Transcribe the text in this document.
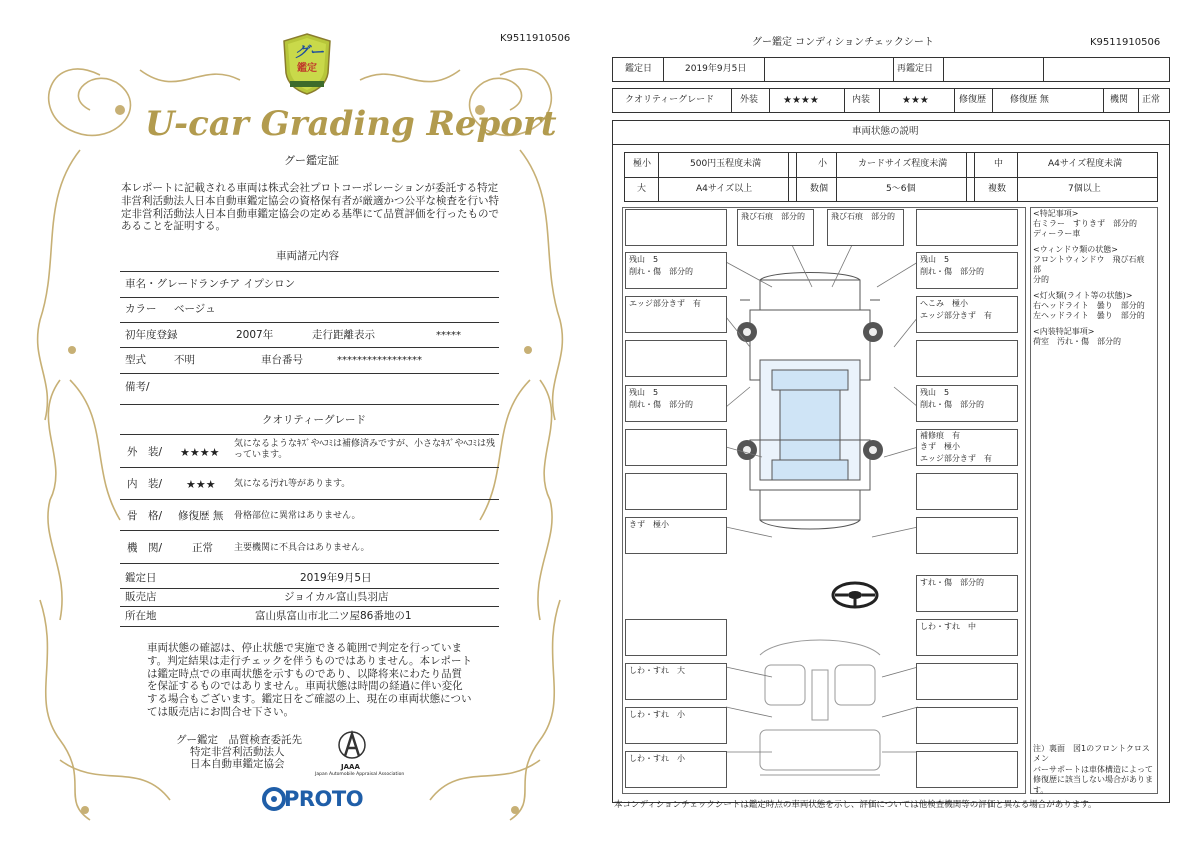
K9511910506
グー
鑑定
U-car Grading Report
グー鑑定証
本レポートに記載される車両は株式会社プロトコーポレーションが委託する特定非営利活動法人日本自動車鑑定協会の資格保有者が厳適かつ公平な検査を行い特定非営利活動法人日本自動車鑑定協会の定める基準にて品質評価を行ったものであることを証明する。
車両諸元内容
車名・グレード ランチア イプシロン
カラー ベージュ
初年度登録	2007年	走行距離表示	*****
型式	不明	車台番号	*****************
備考/
クオリティーグレード
外　装/ ★★★★
気になるようなｷｽﾞやﾍｺﾐは補修済みですが、小さなｷｽﾞやﾍｺﾐは残っています。
内　装/ ★★★ 気になる汚れ等があります。
骨　格/ 修復歴 無 骨格部位に異常はありません。
機　関/	正常 主要機関に不具合はありません。
鑑定日	2019年9月5日
販売店	ジョイカル富山呉羽店
所在地	富山県富山市北二ツ屋86番地の1
車両状態の確認は、停止状態で実施できる範囲で判定を行っています。判定結果は走行チェックを伴うものではありません。本レポートは鑑定時点での車両状態を示すものであり、以降将来にわたり品質を保証するものではありません。車両状態は時間の経過に伴い変化する場合もございます。鑑定日をご確認の上、現在の車両状態については販売店にお問合せ下さい。
グー鑑定　品質検査委託先
特定非営利活動法人
日本自動車鑑定協会	JAAA
Japan Automobile Appraisal Association
PROTO
グー鑑定 コンディションチェックシート	K9511910506
鑑定日	2019年9月5日	再鑑定日
クオリティーグレード	外装 ★★★★	内装	★★★	修復歴	修復歴 無	機関 正常
車両状態の説明
極小	500円玉程度未満	小	カードサイズ程度未満	中	A4サイズ程度未満
大	A4サイズ以上	数個	5〜6個	複数	7個以上
飛び石痕　部分的	飛び石痕　部分的
残山　5
削れ・傷　部分的
エッジ部分きず　有
残山　5
削れ・傷　部分的
きず　極小
しわ・すれ　大
しわ・すれ　小
しわ・すれ　小
残山　5
削れ・傷　部分的
へこみ　極小
エッジ部分きず　有
残山　5
削れ・傷　部分的
補修痕　有
きず　極小
エッジ部分きず　有
すれ・傷　部分的
しわ・すれ　中
<特記事項>
右ミラー　すりきず　部分的
ディーラー車
<ウィンドウ類の状態>
フロントウィンドウ　飛び石痕　部
分的
<灯火類(ライト等の状態)>
右ヘッドライト　曇り　部分的
左ヘッドライト　曇り　部分的
<内装特記事項>
荷室　汚れ・傷　部分的
注）裏面　図1のフロントクロスメン
バーサポートは車体構造によって
修復歴に該当しない場合がありま
す。
本コンディションチェックシートは鑑定時点の車両状態を示し、評価については他検査機関等の評価と異なる場合があります。
